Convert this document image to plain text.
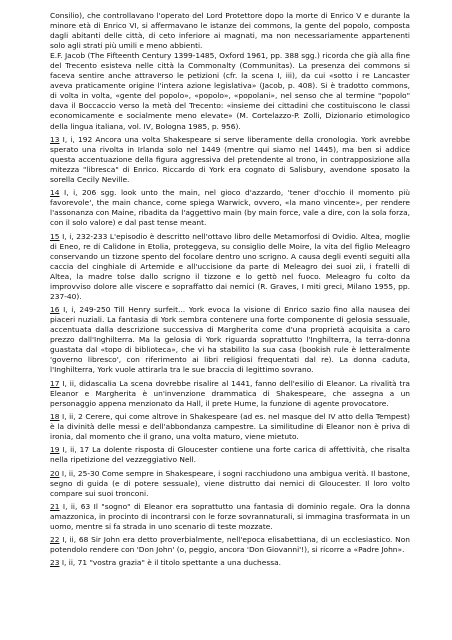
Consilio), che controllavano l'operato del Lord Protettore dopo la morte di Enrico V e durante la minore età di Enrico VI, si affermavano le istanze dei commons, la gente del popolo, composta dagli abitanti delle città, di ceto inferiore ai magnati, ma non necessariamente appartenenti solo agli strati più umili e meno abbienti.

E.F. Jacob (The Fifteenth Century 1399-1485, Oxford 1961, pp. 388 sgg.) ricorda che già alla fine del Trecento esisteva nelle città la Commonalty (Communitas). La presenza dei commons si faceva sentire anche attraverso le petizioni (cfr. la scena I, iii), da cui «sotto i re Lancaster aveva praticamente origine l'intera azione legislativa» (Jacob, p. 408). Si è tradotto commons, di volta in volta, «gente del popolo», «popolo», «popolani», nel senso che al termine "popolo" dava il Boccaccio verso la metà del Trecento: «insieme dei cittadini che costituiscono le classi economicamente e socialmente meno elevate» (M. Cortelazzo-P. Zolli, Dizionario etimologico della lingua italiana, vol. IV, Bologna 1985, p. 956).

13 I, i, 192 Ancora una volta Shakespeare si serve liberamente della cronologia. York avrebbe sperato una rivolta in Irlanda solo nel 1449 (mentre qui siamo nel 1445), ma ben si addice questa accentuazione della figura aggressiva del pretendente al trono, in contrapposizione alla mitezza "libresca" di Enrico. Riccardo di York era cognato di Salisbury, avendone sposato la sorella Cecily Neville.

14 I, i, 206 sgg. look unto the main, nel gioco d'azzardo, 'tener d'occhio il momento più favorevole', the main chance, come spiega Warwick, ovvero, «la mano vincente», per rendere l'assonanza con Maine, ribadita da l'aggettivo main (by main force, vale a dire, con la sola forza, con il solo valore) e dal past tense meant.

15 I, i, 232-233 L'episodio è descritto nell'ottavo libro delle Metamorfosi di Ovidio. Altea, moglie di Eneo, re di Calidone in Etolia, proteggeva, su consiglio delle Moire, la vita del figlio Meleagro conservando un tizzone spento del focolare dentro uno scrigno. A causa degli eventi seguiti alla caccia del cinghiale di Artemide e all'uccisione da parte di Meleagro dei suoi zii, i fratelli di Altea, la madre tolse dallo scrigno il tizzone e lo gettò nel fuoco. Meleagro fu colto da improvviso dolore alle viscere e sopraffatto dai nemici (R. Graves, I miti greci, Milano 1955, pp. 237-40).

16 I, i, 249-250 Till Henry surfeit... York evoca la visione di Enrico sazio fino alla nausea dei piaceri nuziali. La fantasia di York sembra contenere una forte componente di gelosia sessuale, accentuata dalla descrizione successiva di Margherita come d'una proprietà acquisita a caro prezzo dall'Inghilterra. Ma la gelosia di York riguarda soprattutto l'Inghilterra, la terra-donna guastata dal «topo di biblioteca», che vi ha stabilito la sua casa (bookish rule è letteralmente 'governo libresco', con riferimento ai libri religiosi frequentati dal re). La donna caduta, l'Inghilterra, York vuole attirarla tra le sue braccia di legittimo sovrano.

17 I, ii, didascalia La scena dovrebbe risalire al 1441, fanno dell'esilio di Eleanor. La rivalità tra Eleanor e Margherita è un'invenzione drammatica di Shakespeare, che assegna a un personaggio appena menzionato da Hall, il prete Hume, la funzione di agente provocatore.

18 I, ii, 2 Cerere, qui come altrove in Shakespeare (ad es. nel masque del IV atto della Tempest) è la divinità delle messi e dell'abbondanza campestre. La similitudine di Eleanor non è priva di ironia, dal momento che il grano, una volta maturo, viene mietuto.

19 I, ii, 17 La dolente risposta di Gloucester contiene una forte carica di affettività, che risalta nella ripetizione del vezzeggiativo Nell.

20 I, ii, 25-30 Come sempre in Shakespeare, i sogni racchiudono una ambigua verità. Il bastone, segno di guida (e di potere sessuale), viene distrutto dai nemici di Gloucester. Il loro volto compare sui suoi tronconi.

21 I, ii, 63 Il "sogno" di Eleanor era soprattutto una fantasia di dominio regale. Ora la donna amazzonica, in procinto di incontrarsi con le forze sovrannaturali, si immagina trasformata in un uomo, mentre si fa strada in uno scenario di teste mozzate.

22 I, ii, 68 Sir John era detto proverbialmente, nell'epoca elisabettiana, di un ecclesiastico. Non potendolo rendere con 'Don John' (o, peggio, ancora 'Don Giovanni'!), si ricorre a «Padre John».

23 I, ii, 71 "vostra grazia" è il titolo spettante a una duchessa.
